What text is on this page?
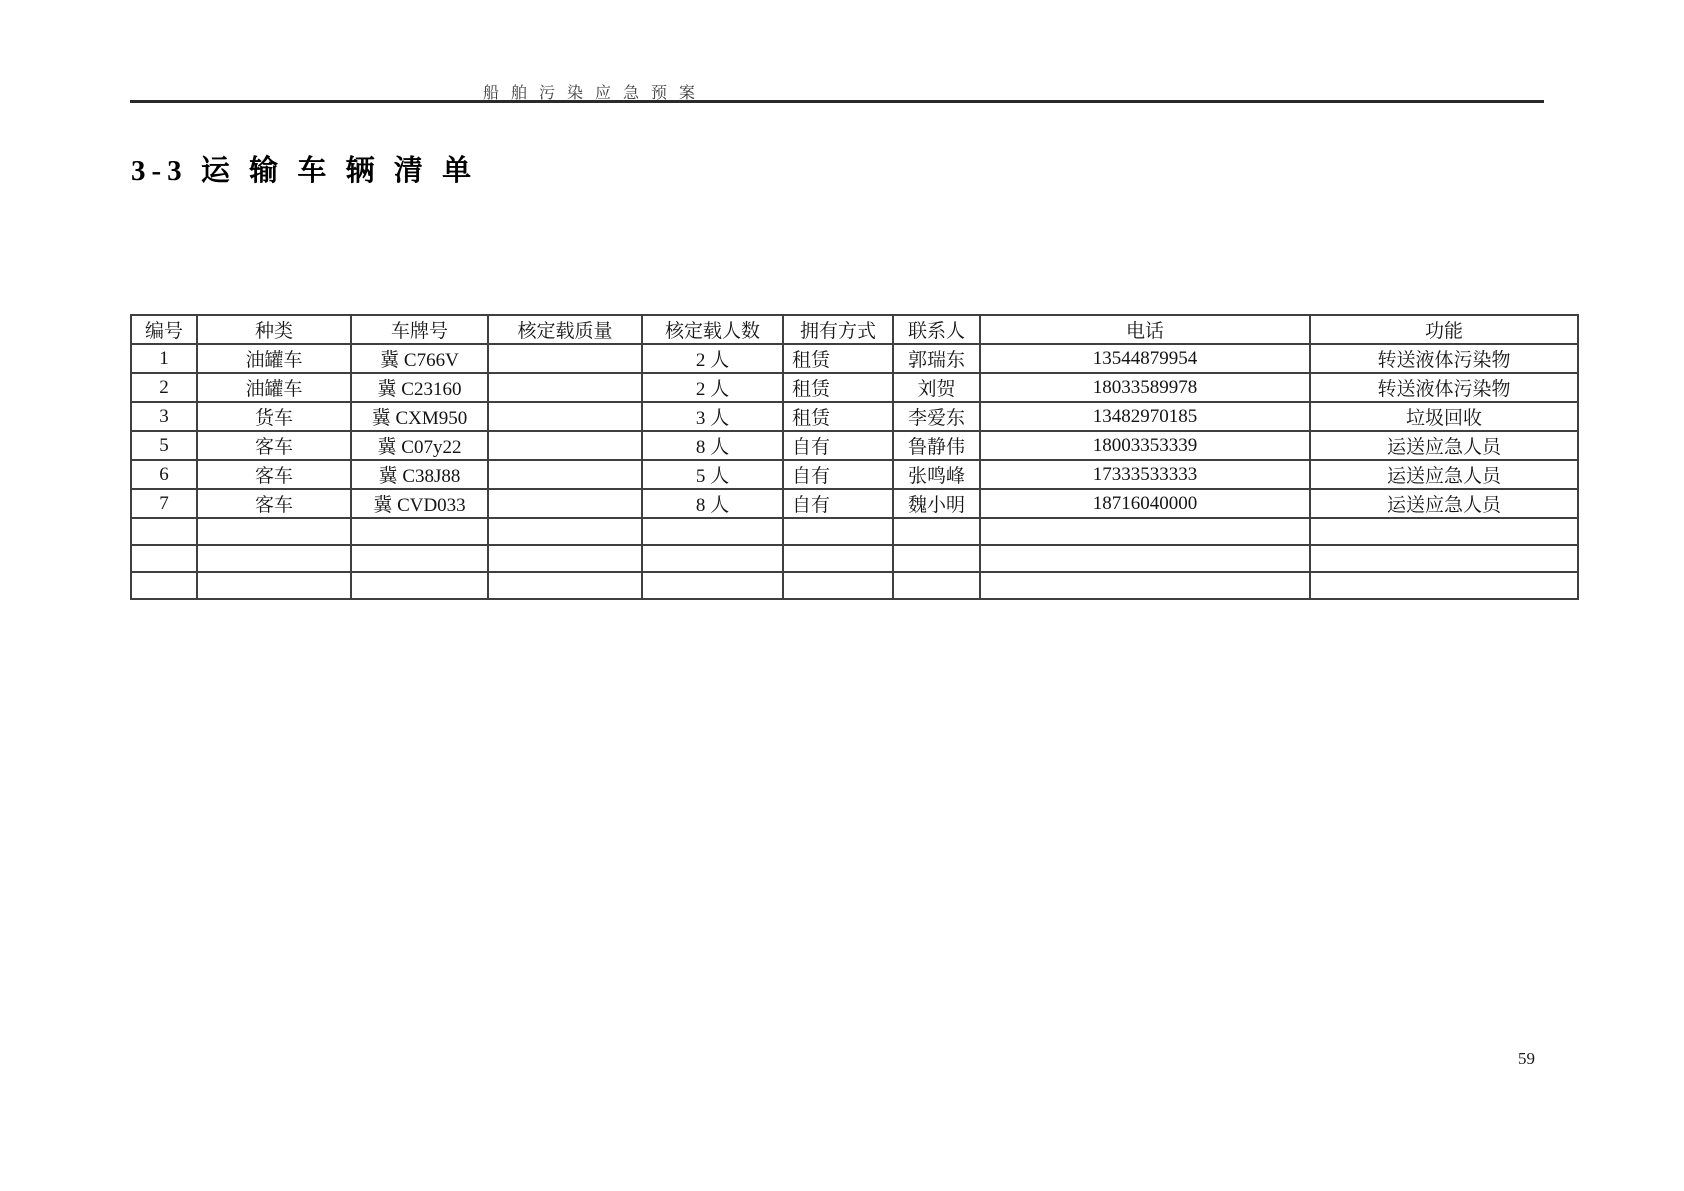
船 舶 污 染 应 急 预 案
3-3 运 输 车 辆 清 单
编号	种类	车牌号	核定载质量	核定载人数	拥有方式	联系人	电话	功能
1	油罐车	冀 C766V		2 人	租赁	郭瑞东	13544879954	转送液体污染物
2	油罐车	冀 C23160		2 人	租赁	刘贺	18033589978	转送液体污染物
3	货车	冀 CXM950		3 人	租赁	李爱东	13482970185	垃圾回收
5	客车	冀 C07y22		8 人	自有	鲁静伟	18003353339	运送应急人员
6	客车	冀 C38J88		5 人	自有	张鸣峰	17333533333	运送应急人员
7	客车	冀 CVD033		8 人	自有	魏小明	18716040000	运送应急人员

59
